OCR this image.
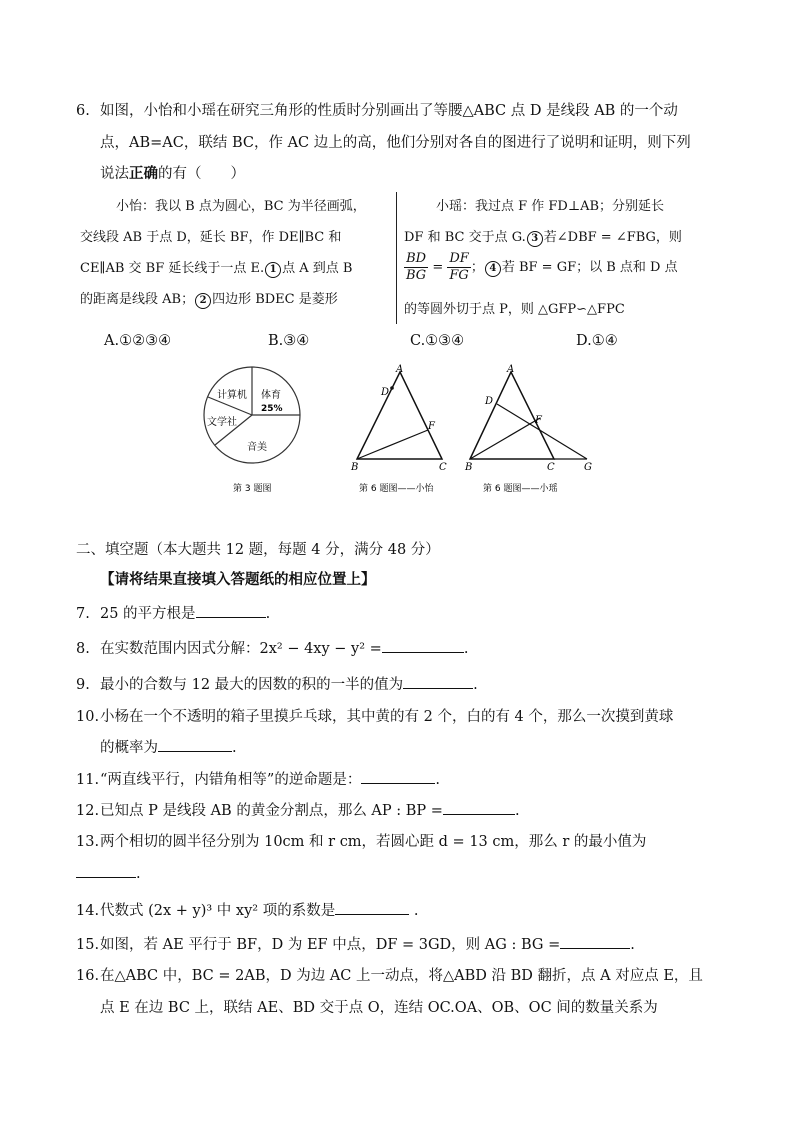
6. 如图，小怡和小瑶在研究三角形的性质时分别画出了等腰△ABC 点 D 是线段 AB 的一个动
点，AB=AC，联结 BC，作 AC 边上的高，他们分别对各自的图进行了说明和证明，则下列
说法正确的有（　　）
小怡：我以 B 点为圆心，BC 为半径画弧，
交线段 AB 于点 D，延长 BF，作 DE∥BC 和
CE∥AB 交 BF 延长线于一点 E. 1 点 A 到点 B
的距离是线段 AB； 2 四边形 BDEC 是菱形
小瑶：我过点 F 作 FD⊥AB；分别延长
DF 和 BC 交于点 G. 3 若∠DBF = ∠FBG，则
$\frac{BD}{BG} = \frac{DF}{FG}$ ； 4 若 BF = GF；以 B 点和 D 点
的等圆外切于点 P，则 △GFP∽△FPC
A.①②③④	B.③④	C.①③④	D.①④
计算机 体育
25%
文学社
音美
第 3 题图
A
D
F
B	C
第 6 题图——小怡
A
D
F
B	C	G
第 6 题图——小瑶
二、填空题（本大题共 12 题，每题 4 分，满分 48 分）
【请将结果直接填入答题纸的相应位置上】
7. 25 的平方根是	.
8. 在实数范围内因式分解：2x² − 4xy − y² =	.
9. 最小的合数与 12 最大的因数的积的一半的值为	.
10.小杨在一个不透明的箱子里摸乒乓球，其中黄的有 2 个，白的有 4 个，那么一次摸到黄球
的概率为	.
11.“两直线平行，内错角相等”的逆命题是：	.
12.已知点 P 是线段 AB 的黄金分割点，那么 AP : BP =	.
13.两个相切的圆半径分别为 10cm 和 r cm，若圆心距 d = 13 cm，那么 r 的最小值为
.
14.代数式 (2x + y)³ 中 xy² 项的系数是	.
15.如图，若 AE 平行于 BF，D 为 EF 中点，DF = 3GD，则 AG : BG =	.
16.在△ABC 中，BC = 2AB，D 为边 AC 上一动点，将△ABD 沿 BD 翻折，点 A 对应点 E，且
点 E 在边 BC 上，联结 AE、BD 交于点 O，连结 OC.OA、OB、OC 间的数量关系为
